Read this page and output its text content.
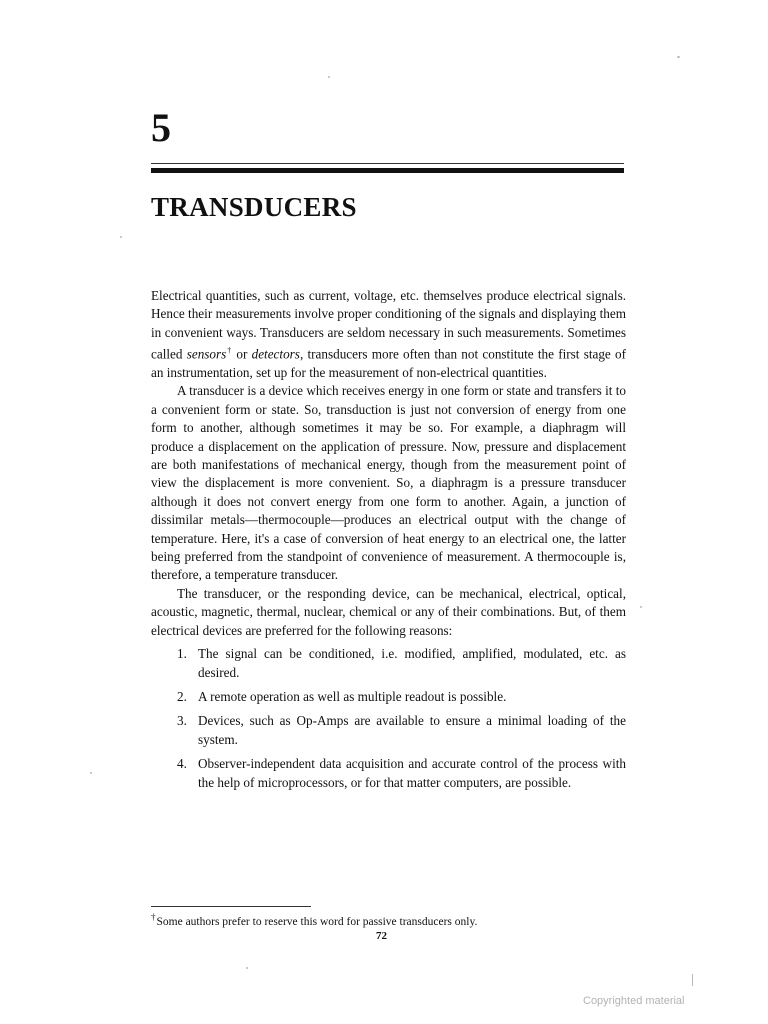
5
TRANSDUCERS

Electrical quantities, such as current, voltage, etc. themselves produce electrical signals. Hence their measurements involve proper conditioning of the signals and displaying them in convenient ways. Transducers are seldom necessary in such measurements. Sometimes called sensors† or detectors, transducers more often than not constitute the first stage of an instrumentation, set up for the measurement of non-electrical quantities.

A transducer is a device which receives energy in one form or state and transfers it to a convenient form or state. So, transduction is just not conversion of energy from one form to another, although sometimes it may be so. For example, a diaphragm will produce a displacement on the application of pressure. Now, pressure and displacement are both manifestations of mechanical energy, though from the measurement point of view the displacement is more convenient. So, a diaphragm is a pressure transducer although it does not convert energy from one form to another. Again, a junction of dissimilar metals—thermocouple—produces an electrical output with the change of temperature. Here, it's a case of conversion of heat energy to an electrical one, the latter being preferred from the standpoint of convenience of measurement. A thermocouple is, therefore, a temperature transducer.

The transducer, or the responding device, can be mechanical, electrical, optical, acoustic, magnetic, thermal, nuclear, chemical or any of their combinations. But, of them electrical devices are preferred for the following reasons:

1. The signal can be conditioned, i.e. modified, amplified, modulated, etc. as desired.
2. A remote operation as well as multiple readout is possible.
3. Devices, such as Op-Amps are available to ensure a minimal loading of the system.
4. Observer-independent data acquisition and accurate control of the process with the help of microprocessors, or for that matter computers, are possible.
†Some authors prefer to reserve this word for passive transducers only.
72
Copyrighted material
